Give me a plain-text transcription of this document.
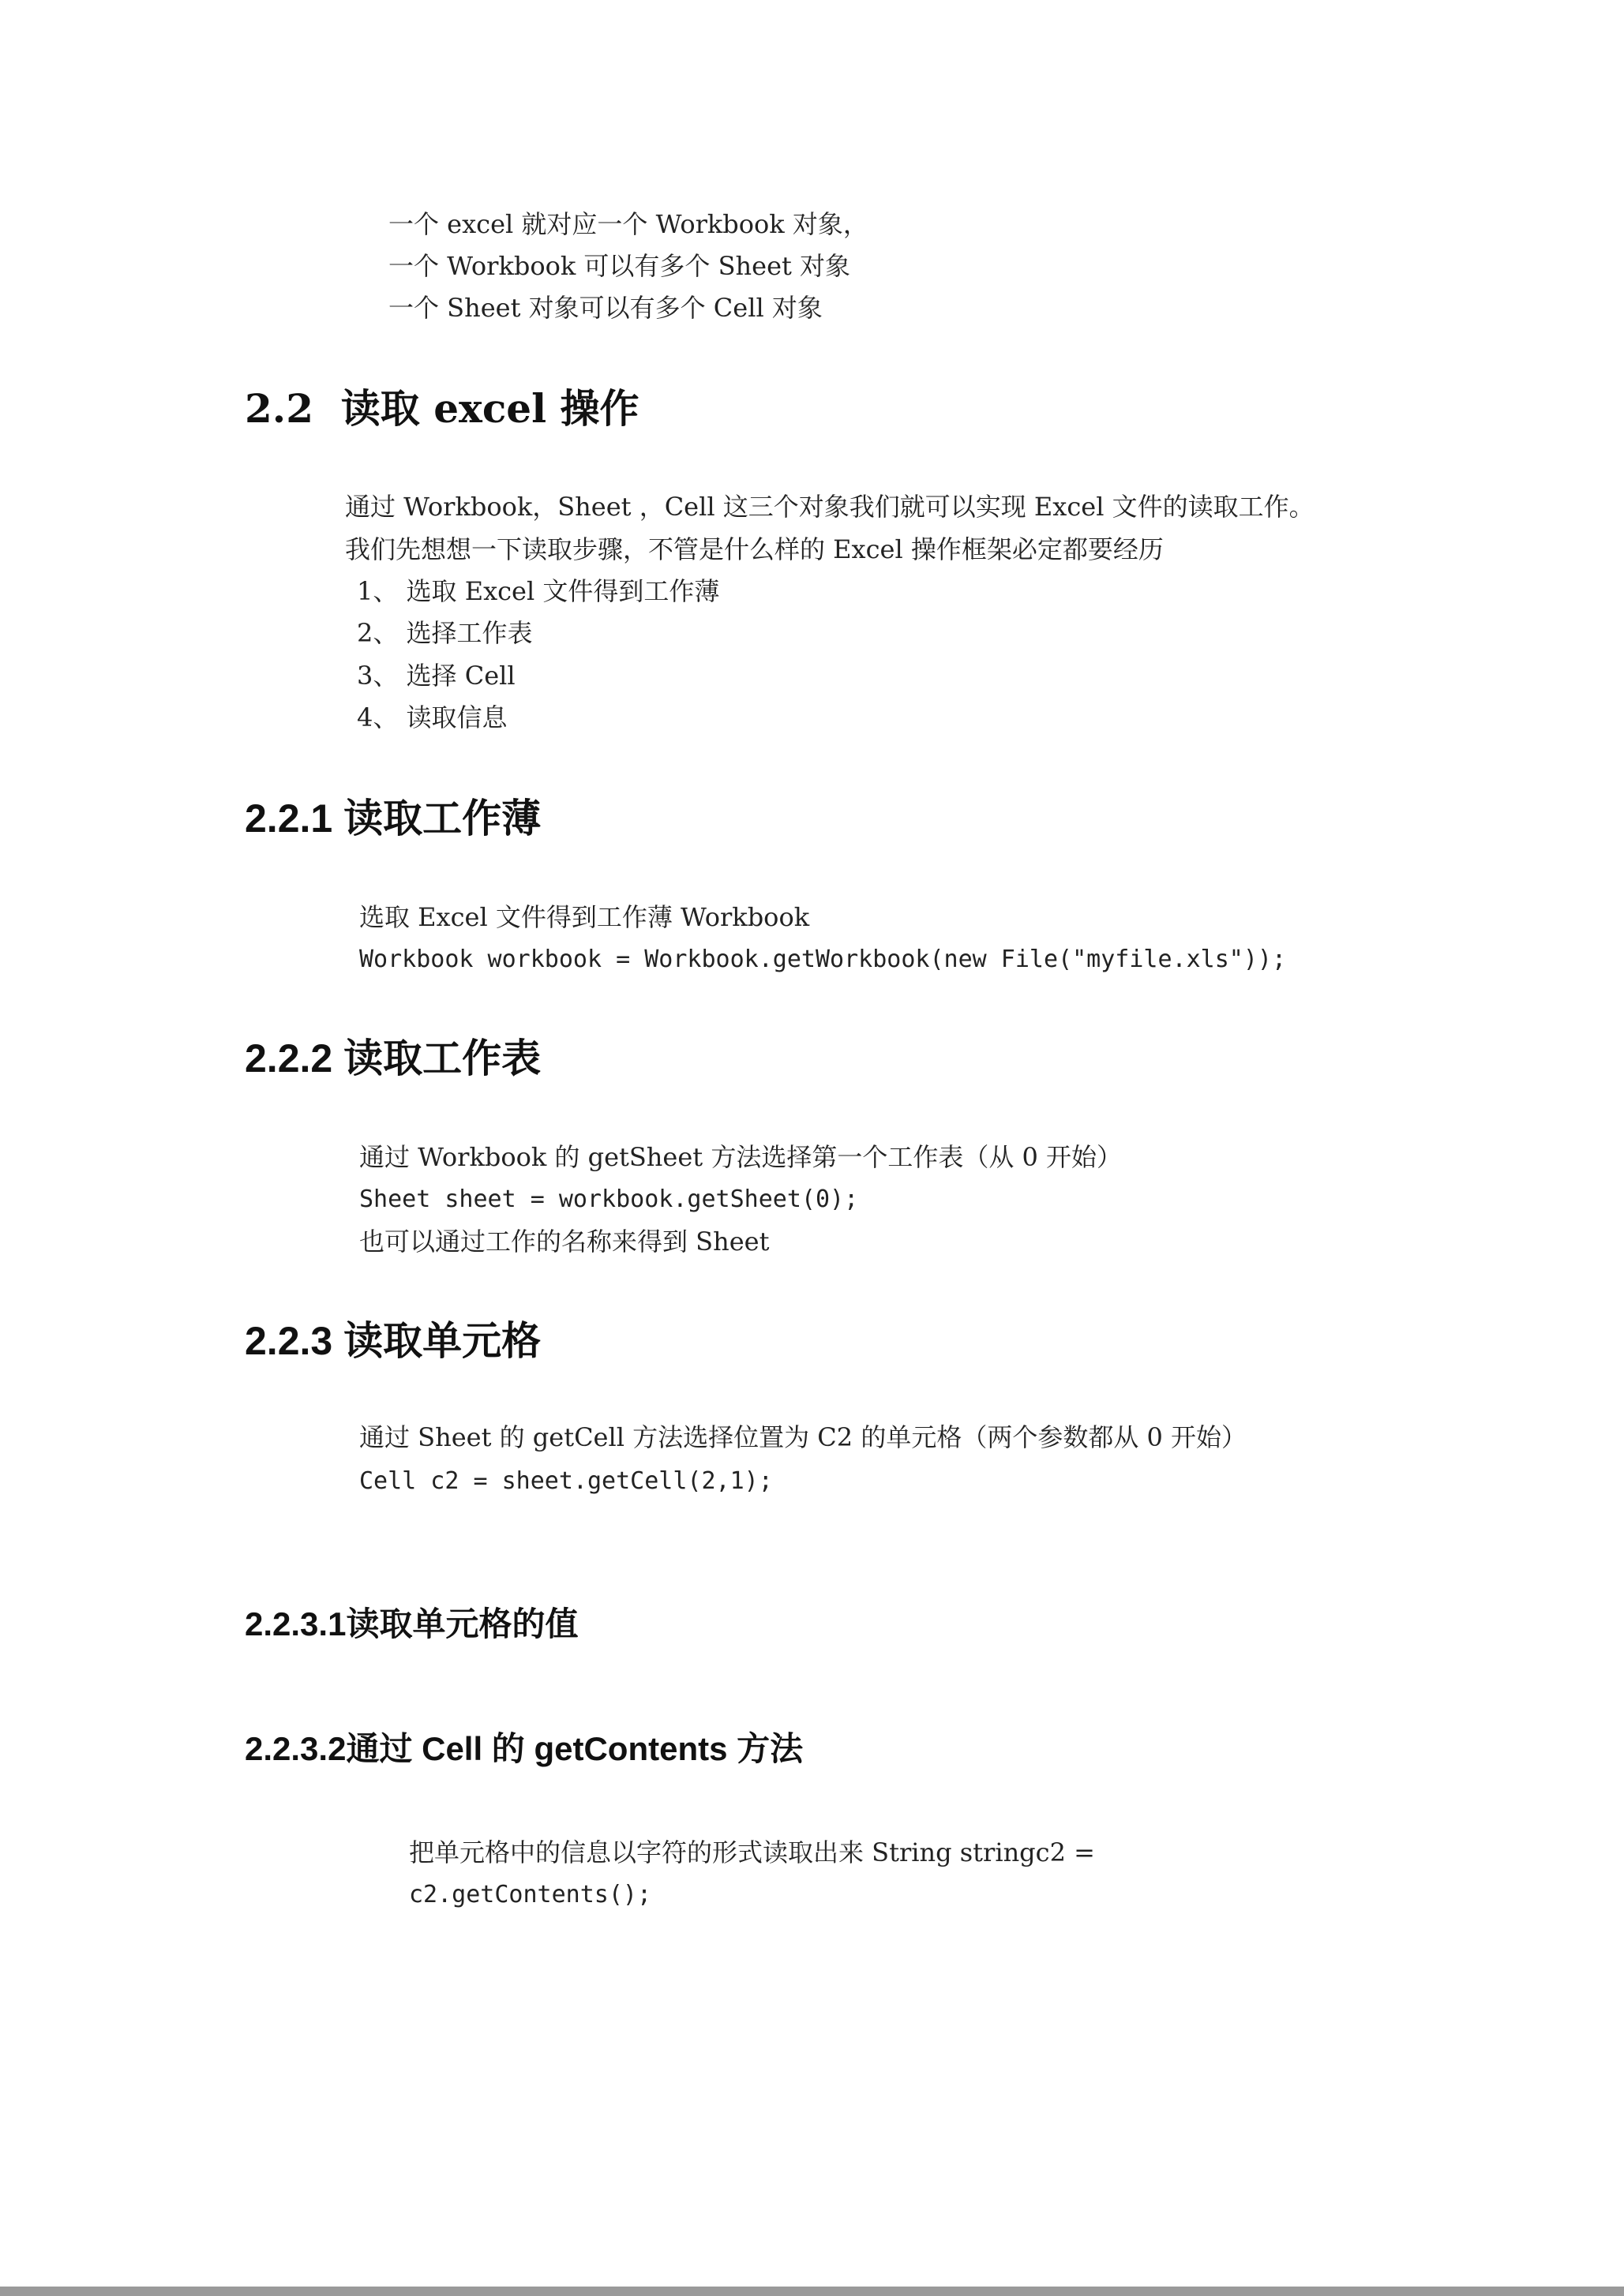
一个 excel 就对应一个 Workbook 对象，
一个 Workbook 可以有多个 Sheet 对象
一个 Sheet 对象可以有多个 Cell 对象
2.2  读取 excel 操作
通过 Workbook，Sheet ，Cell 这三个对象我们就可以实现 Excel 文件的读取工作。
我们先想想一下读取步骤，不管是什么样的 Excel 操作框架必定都要经历
1、 选取 Excel 文件得到工作薄
2、 选择工作表
3、 选择 Cell
4、 读取信息
2.2.1 读取工作薄
选取 Excel 文件得到工作薄 Workbook
Workbook workbook = Workbook.getWorkbook(new File("myfile.xls"));
2.2.2 读取工作表
通过 Workbook 的 getSheet 方法选择第一个工作表（从 0 开始）
Sheet sheet = workbook.getSheet(0);
也可以通过工作的名称来得到 Sheet
2.2.3 读取单元格
通过 Sheet 的 getCell 方法选择位置为 C2 的单元格（两个参数都从 0 开始）
Cell c2 = sheet.getCell(2,1);
2.2.3.1读取单元格的值
2.2.3.2通过 Cell 的 getContents 方法
把单元格中的信息以字符的形式读取出来 String stringc2 =
c2.getContents();
